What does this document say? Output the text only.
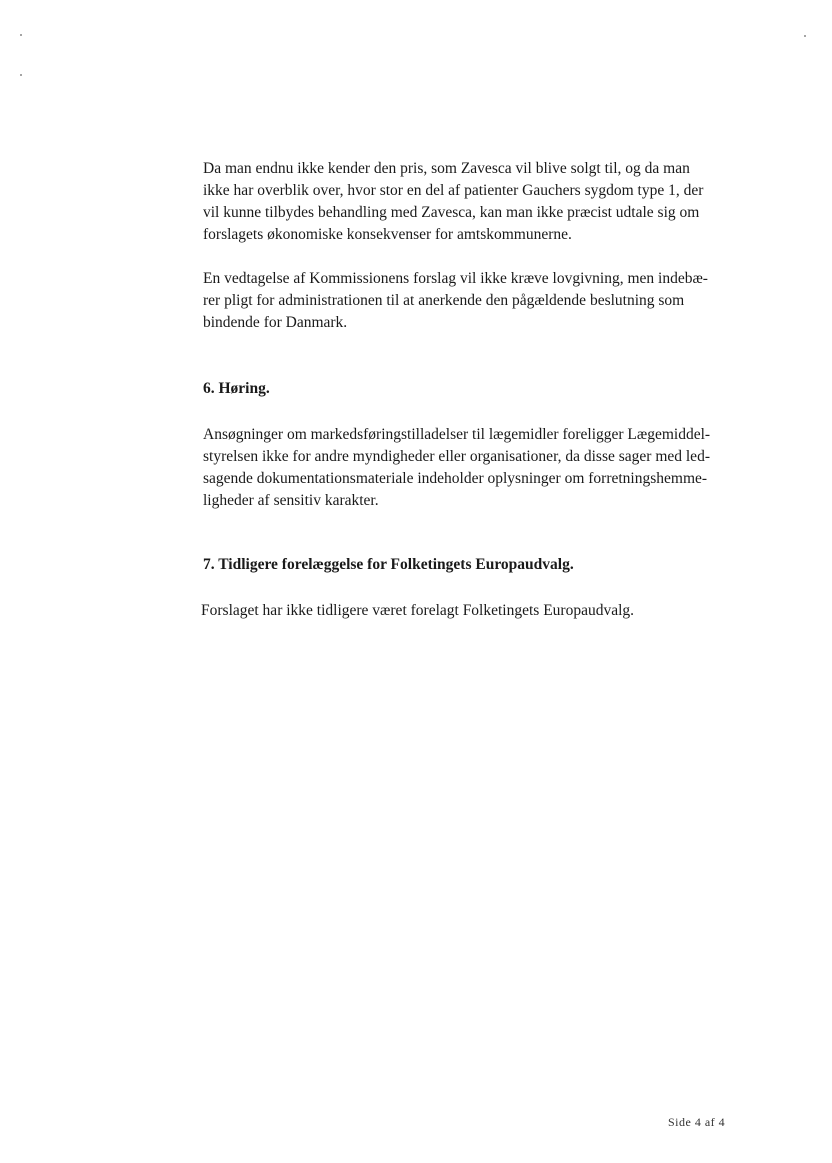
Da man endnu ikke kender den pris, som Zavesca vil blive solgt til, og da man
ikke har overblik over, hvor stor en del af patienter Gauchers sygdom type 1, der
vil kunne tilbydes behandling med Zavesca, kan man ikke præcist udtale sig om
forslagets økonomiske konsekvenser for amtskommunerne.

En vedtagelse af Kommissionens forslag vil ikke kræve lovgivning, men indebæ-
rer pligt for administrationen til at anerkende den pågældende beslutning som
bindende for Danmark.

6. Høring.

Ansøgninger om markedsføringstilladelser til lægemidler foreligger Lægemiddel-
styrelsen ikke for andre myndigheder eller organisationer, da disse sager med led-
sagende dokumentationsmateriale indeholder oplysninger om forretningshemme-
ligheder af sensitiv karakter.

7. Tidligere forelæggelse for Folketingets Europaudvalg.

Forslaget har ikke tidligere været forelagt Folketingets Europaudvalg.

Side 4 af 4
